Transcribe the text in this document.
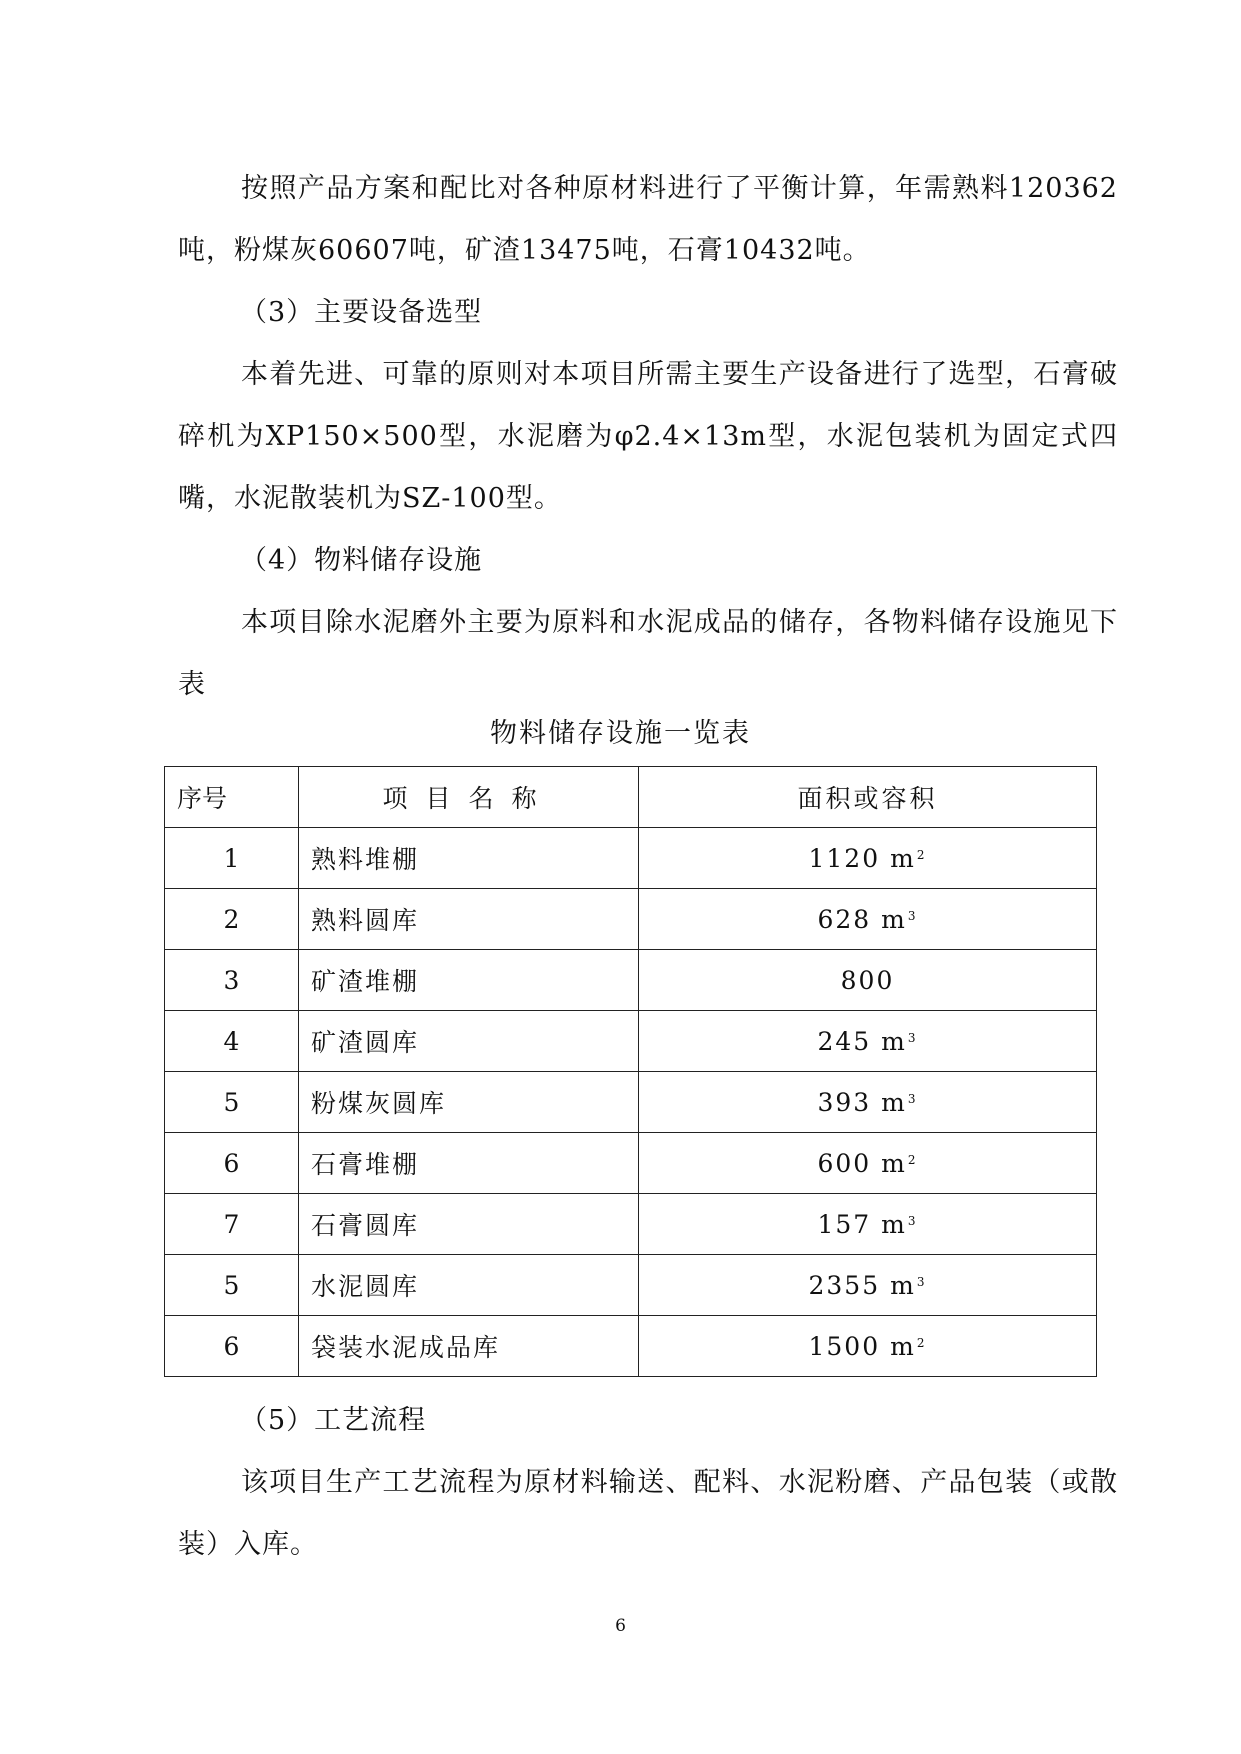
按照产品方案和配比对各种原材料进行了平衡计算，年需熟料120362吨，粉煤灰60607吨，矿渣13475吨，石膏10432吨。

（3）主要设备选型

本着先进、可靠的原则对本项目所需主要生产设备进行了选型，石膏破碎机为XP150×500型，水泥磨为φ2.4×13m型，水泥包装机为固定式四嘴，水泥散装机为SZ-100型。

（4）物料储存设施

本项目除水泥磨外主要为原料和水泥成品的储存，各物料储存设施见下表

物料储存设施一览表
序号	项目名称	面积或容积
1	熟料堆棚	1120 $m^2$
2	熟料圆库	628 $m^3$
3	矿渣堆棚	800
4	矿渣圆库	245 $m^3$
5	粉煤灰圆库	393 $m^3$
6	石膏堆棚	600 $m^2$
7	石膏圆库	157 $m^3$
5	水泥圆库	2355 $m^3$
6	袋装水泥成品库	1500 $m^2$

（5）工艺流程

该项目生产工艺流程为原材料输送、配料、水泥粉磨、产品包装（或散装）入库。

6
